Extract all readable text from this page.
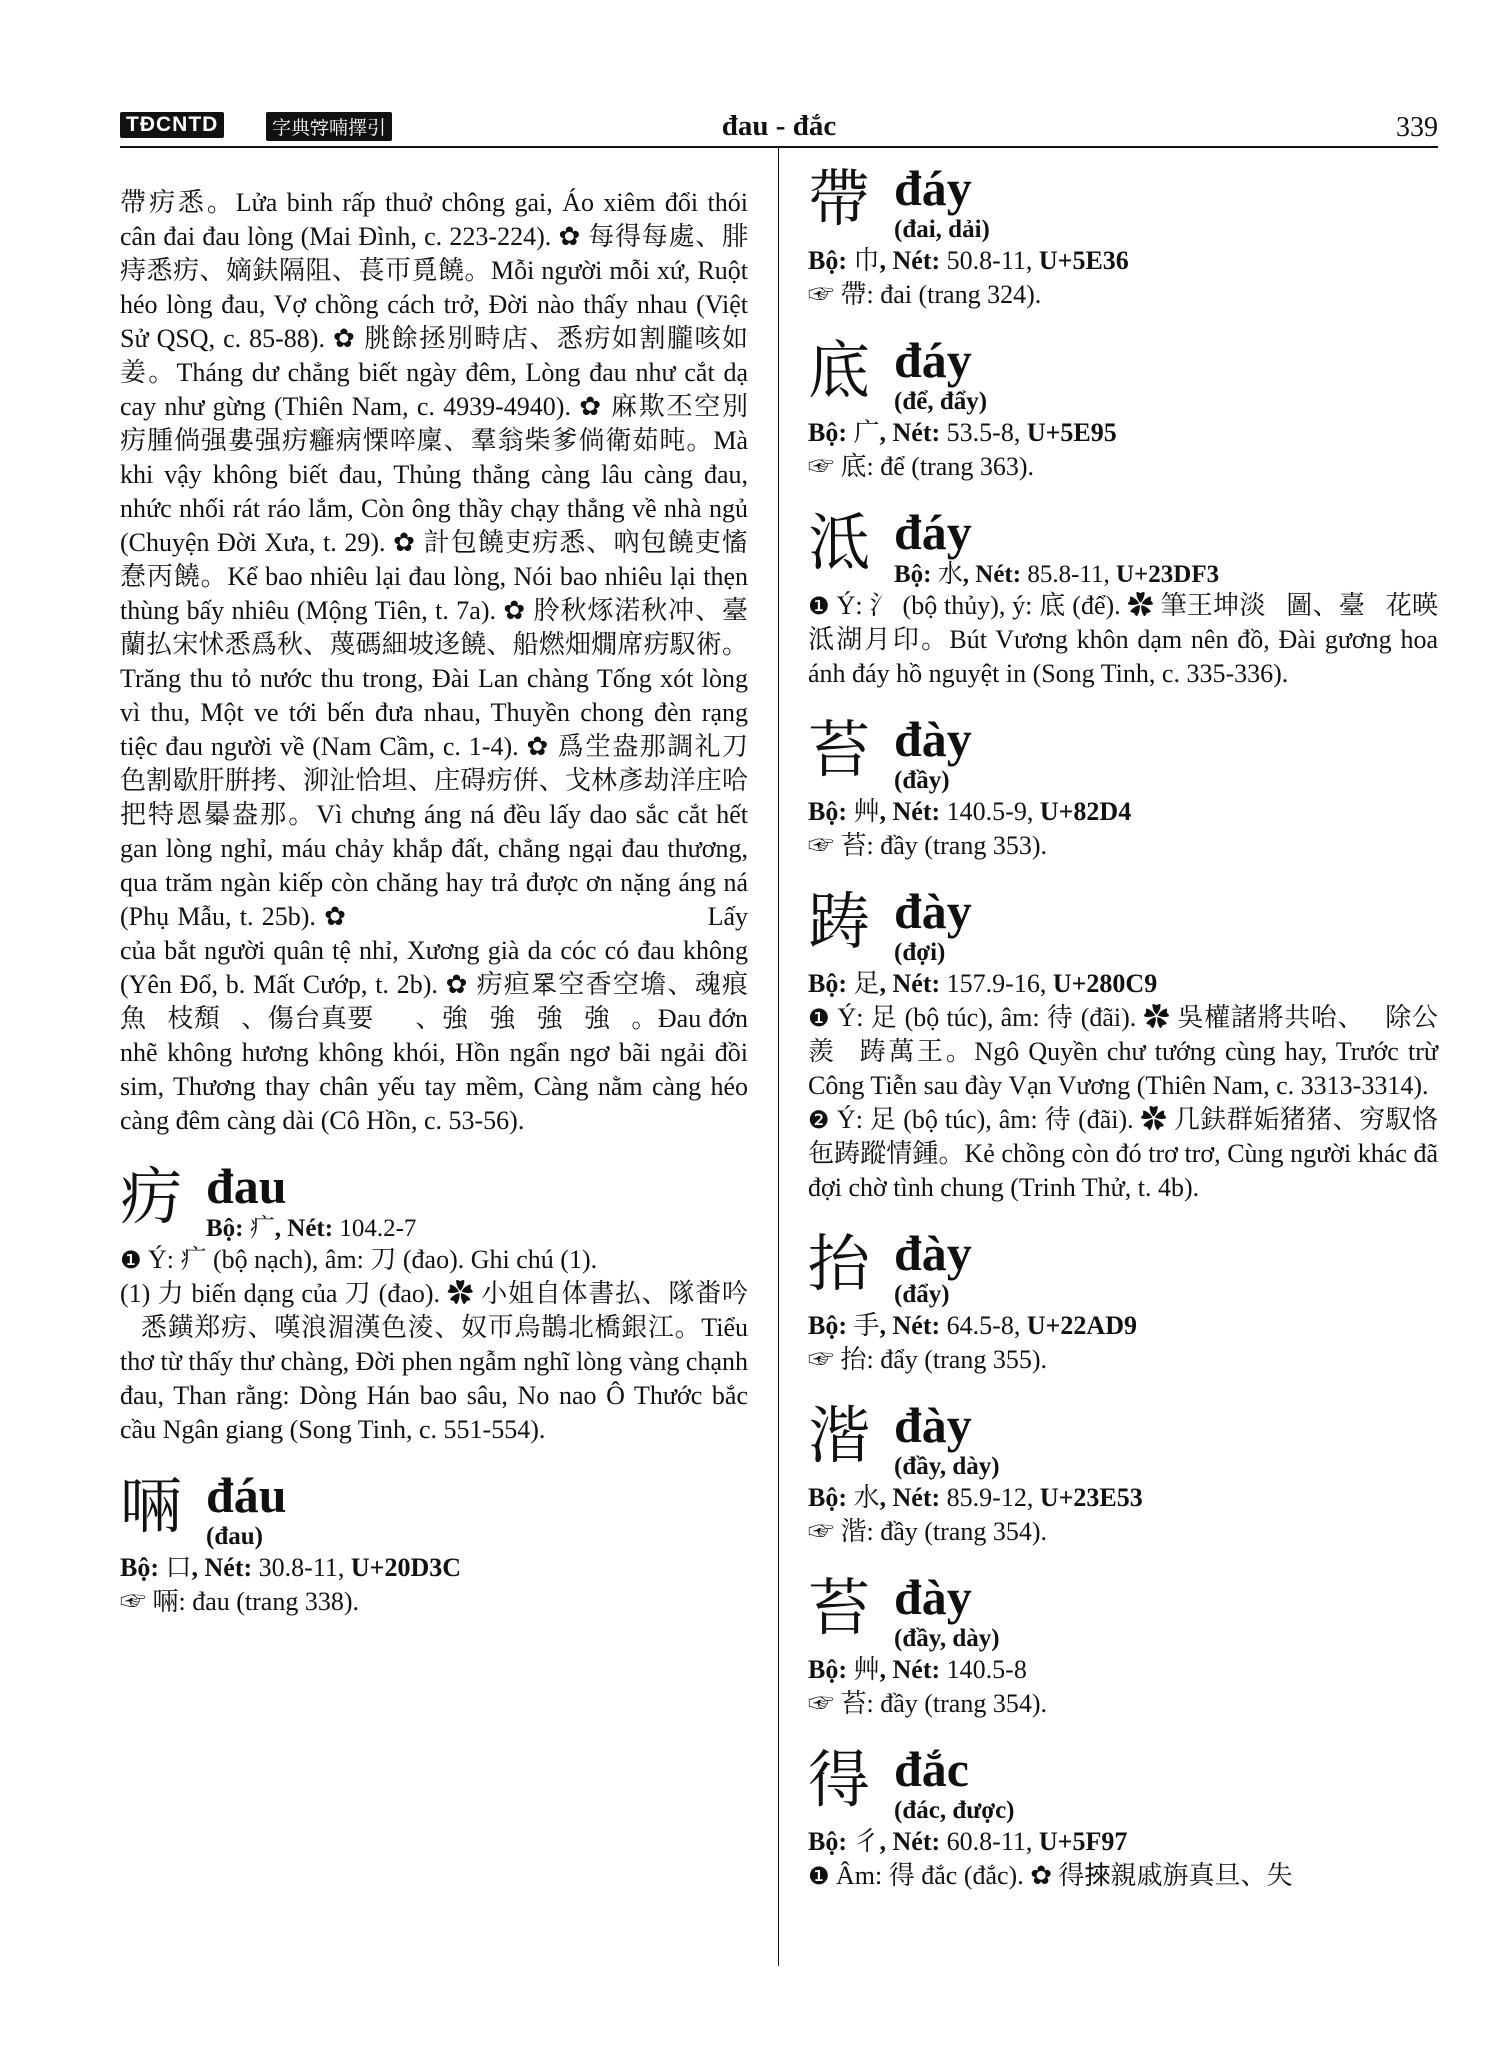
TĐCNTD	字典𡨸喃擇引	đau - đắc	339

帶疠悉。Lửa binh rấp thuở chông gai, Áo xiêm đổi thói cân đai đau lòng (Mai Đình, c. 223-224). ✿ 每得每處、腓痔悉疠、嫡鈇隔阻、萇帀覓饒。Mỗi người mỗi xứ, Ruột héo lòng đau, Vợ chồng cách trở, Đời nào thấy nhau (Việt Sử QSQ, c. 85-88). ✿ 朓餘拯別畤店、悉疠如割朧咳如姜。Tháng dư chẳng biết ngày đêm, Lòng đau như cắt dạ cay như gừng (Thiên Nam, c. 4939-4940). ✿ 麻欺丕空別疠腫倘强婁强疠癰病慄啐廩、羣翁柴爹倘衛茹旽。Mà khi vậy không biết đau, Thủng thẳng càng lâu càng đau, nhức nhối rát ráo lắm, Còn ông thầy chạy thẳng về nhà ngủ (Chuyện Đời Xưa, t. 29). ✿ 計包饒吏疠悉、吶包饒吏慉惷丙饒。Kể bao nhiêu lại đau lòng, Nói bao nhiêu lại thẹn thùng bấy nhiêu (Mộng Tiên, t. 7a). ✿ 朎秋烼渃秋冲、臺蘭払宋怵悉爲秋、蔑碼細坡迻饒、船燃畑燗席疠馭術。Trăng thu tỏ nước thu trong, Đài Lan chàng Tống xót lòng vì thu, Một ve tới bến đưa nhau, Thuyền chong đèn rạng tiệc đau người về (Nam Cầm, c. 1-4). ✿ 爲坣盎那調礼刀色割歇肝腁拷、泖沚恰坦、庄碍疠倂、戈林彥劫洋庄哈把特恩㬥盎那。Vì chưng áng ná đều lấy dao sắc cắt hết gan lòng nghỉ, máu chảy khắp đất, chẳng ngại đau thương, qua trăm ngàn kiếp còn chăng hay trả được ơn nặng áng ná (Phụ Mẫu, t. 25b). ✿ 𥘀貼扒馭軍弊哜、昌𦁹膠蛤固疠空。Lấy của bắt người quân tệ nhỉ, Xương già da cóc có đau không (Yên Đổ, b. Mất Cướp, t. 2b). ✿ 疠疸𦊚空香空㙴、魂痕魚𣘃枝頽𡖡、傷台真要𪀄𧙩、強𠞹強𢖖強𥊚強𩀳。Đau đớn nhẽ không hương không khói, Hồn ngẩn ngơ bãi ngải đồi sim, Thương thay chân yếu tay mềm, Càng nằm càng héo càng đêm càng dài (Cô Hồn, c. 53-56).

疠 đau
Bộ: 疒, Nét: 104.2-7

❶ Ý: 疒 (bộ nạch), âm: 刀 (đao). Ghi chú (1).

(1) 力 biến dạng của 刀 (đao). ✿ 小姐自体書払、隊畨吟𠾕悉鐄郑疠、嘆浪湄漢色淩、奴帀烏鵲北橋銀江。Tiểu thơ từ thấy thư chàng, Đời phen ngẫm nghĩ lòng vàng chạnh đau, Than rằng: Dòng Hán bao sâu, No nao Ô Thước bắc cầu Ngân giang (Song Tinh, c. 551-554).

啢 đáu
(đau)

Bộ: 口, Nét: 30.8-11, U+20D3C

☞ 啢: đau (trang 338).
帶 đáy
(đai, dải)

Bộ: 巾, Nét: 50.8-11, U+5E36

☞ 帶: đai (trang 324).
底 đáy
(để, đẩy)

Bộ: 广, Nét: 53.5-8, U+5E95

☞ 底: để (trang 363).
泜 đáy
Bộ: 水, Nét: 85.8-11, U+23DF3

❶ Ý: 氵 (bộ thủy), ý: 底 (để). ✿ 筆王坤淡𨋤圖、臺𥣘花暎泜湖月印。Bút Vương khôn dạm nên đồ, Đài gương hoa ánh đáy hồ nguyệt in (Song Tinh, c. 335-336).

苔 đày
(đầy)

Bộ: 艸, Nét: 140.5-9, U+82D4

☞ 苔: đầy (trang 353).
踌 đày
(đợi)

Bộ: 足, Nét: 157.9-16, U+280C9

❶ Ý: 足 (bộ túc), âm: 待 (đãi). ✿ 吳權諸將共咍、𨋤除公羨𨋤踌萬王。Ngô Quyền chư tướng cùng hay, Trước trừ Công Tiễn sau đày Vạn Vương (Thiên Nam, c. 3313-3314).

❷ Ý: 足 (bộ túc), âm: 待 (đãi). ✿ 几鈇群姤猪猪、穷馭恪㐌踌蹤情鍾。Kẻ chồng còn đó trơ trơ, Cùng người khác đã đợi chờ tình chung (Trinh Thử, t. 4b).

抬 đày
(đẩy)

Bộ: 手, Nét: 64.5-8, U+22AD9

☞ 抬: đẩy (trang 355).
湝 đày
(đầy, dày)

Bộ: 水, Nét: 85.9-12, U+23E53

☞ 湝: đầy (trang 354).
苔 đày
(đầy, dày)

Bộ: 艸, Nét: 140.5-8

☞ 苔: đầy (trang 354).
得 đắc
(đác, được)

Bộ: 彳, Nét: 60.8-11, U+5F97

❶ Âm: 得 đắc (đắc). ✿ 得𢯦親戚旃真旦、失
